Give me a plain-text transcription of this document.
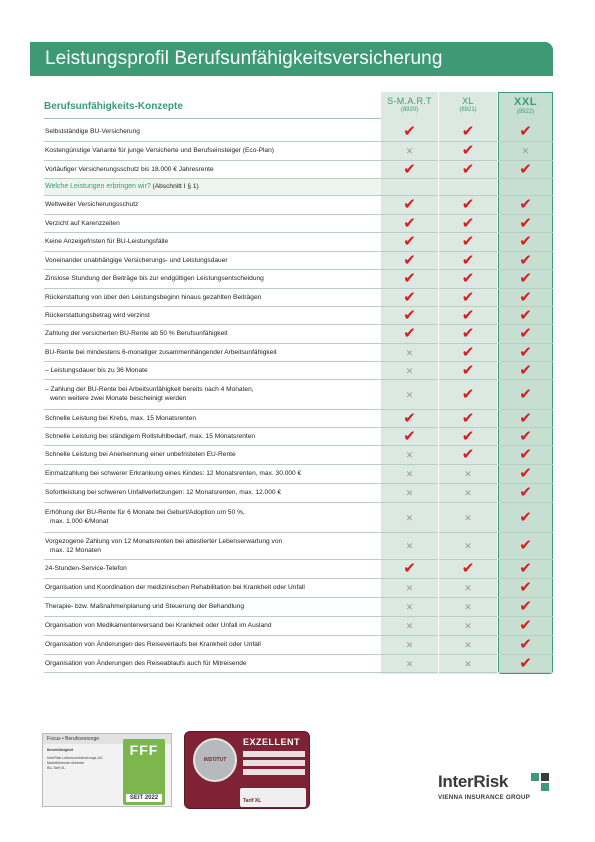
Leistungsprofil Berufsunfähigkeitsversicherung
S-M.A.R.T
(8920)
XL
(8921)
XXL
(8922)
Berufsunfähigkeits-Konzepte
Selbstständige BU-Versicherung	✔		✔		✔
Kostengünstige Variante für junge Versicherte und Berufseinsteiger (Eco-Plan)	✕		✔		✕
Vorläufiger Versicherungsschutz bis 18.000 € Jahresrente	✔		✔		✔
Welche Leistungen erbringen wir? (Abschnitt I § 1)					
Weltweiter Versicherungsschutz	✔		✔		✔
Verzicht auf Karenzzeiten	✔		✔		✔
Keine Anzeigefristen für BU-Leistungsfälle	✔		✔		✔
Voneinander unabhängige Versicherungs- und Leistungsdauer	✔		✔		✔
Zinslose Stundung der Beiträge bis zur endgültigen Leistungsentscheidung	✔		✔		✔
Rückerstattung von über den Leistungsbeginn hinaus gezahlten Beiträgen	✔		✔		✔
Rückerstattungsbetrag wird verzinst	✔		✔		✔
Zahlung der versicherten BU-Rente ab 50 % Berufsunfähigkeit	✔		✔		✔
BU-Rente bei mindestens 6-monatiger zusammenhängender Arbeitsunfähigkeit	✕		✔		✔
– Leistungsdauer bis zu 36 Monate	✕		✔		✔
– Zahlung der BU-Rente bei Arbeitsunfähigkeit bereits nach 4 Monaten,
wenn weitere zwei Monate bescheinigt werden	✕		✔		✔
Schnelle Leistung bei Krebs, max. 15 Monatsrenten	✔		✔		✔
Schnelle Leistung bei ständigem Rollstuhlbedarf, max. 15 Monatsrenten	✔		✔		✔
Schnelle Leistung bei Anerkennung einer unbefristeten EU-Rente	✕		✔		✔
Einmalzahlung bei schwerer Erkrankung eines Kindes: 12 Monatsrenten, max. 30.000 €	✕		✕		✔
Sofortleistung bei schweren Unfallverletzungen: 12 Monatsrenten, max. 12.000 €	✕		✕		✔
Erhöhung der BU-Rente für 6 Monate bei Geburt/Adoption um 50 %,
max. 1.000 €/Monat	✕		✕		✔
Vorgezogene Zahlung von 12 Monatsrenten bei attestierter Lebenserwartung von
max. 12 Monaten	✕		✕		✔
24-Stunden-Service-Telefon	✔		✔		✔
Organisation und Koordination der medizinischen Rehabilitation bei Krankheit oder Unfall	✕		✕		✔
Therapie- bzw. Maßnahmenplanung und Steuerung der Behandlung	✕		✕		✔
Organisation von Medikamentenversand bei Krankheit oder Unfall im Ausland	✕		✕		✔
Organisation von Änderungen des Reiseverlaufs bei Krankheit oder Unfall	✕		✕		✔
Organisation von Änderungen des Reiseablaufs auch für Mitreisende	✕		✕		✔
Focus • Berufsvorsorge
Berufsfähigkeit
InterRisk Lebensversicherungs-AG
Marktführende Anbieter
BU-Tarif XL
FFF
SEIT 2022
INSTITUT
EXZELLENT
Tarif XL
InterRisk
VIENNA INSURANCE GROUP
